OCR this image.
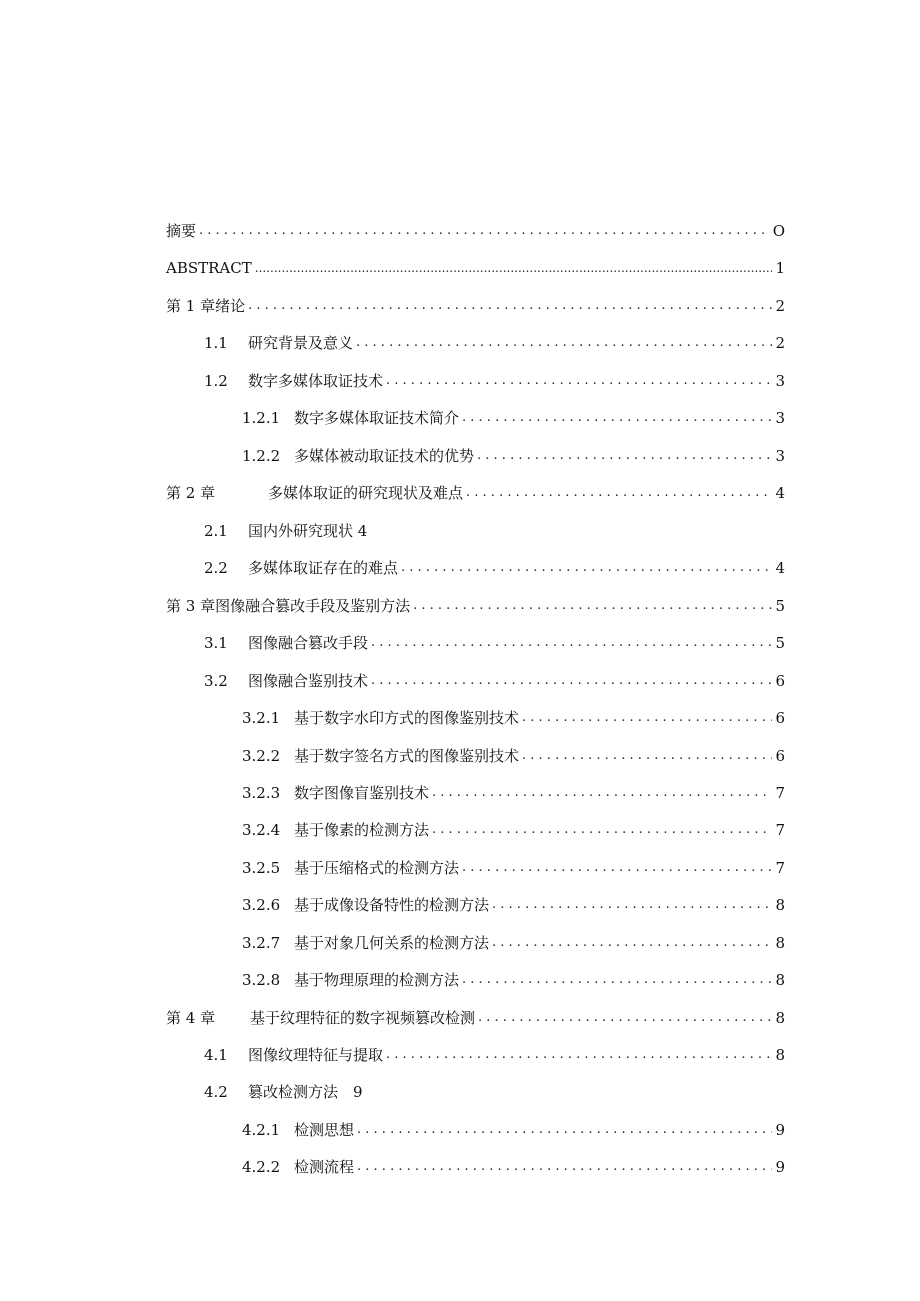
摘要 . . .	O
ABSTRACT .....	1
第 1 章绪论 . . .	2
1.1	研究背景及意义 . . .	2
1.2	数字多媒体取证技术 . . .	3
1.2.1 数字多媒体取证技术简介 . . .	3
1.2.2 多媒体被动取证技术的优势 . . .	3
第 2 章	多媒体取证的研究现状及难点 . . .	4
2.1	国内外研究现状 4
2.2	多媒体取证存在的难点 . . .	4
第 3 章图像融合篡改手段及鉴别方法 . . .	5
3.1	图像融合篡改手段 . . .	5
3.2	图像融合鉴别技术 . . .	6
3.2.1 基于数字水印方式的图像鉴别技术 . . .	6
3.2.2 基于数字签名方式的图像鉴别技术 . . .	6
3.2.3 数字图像盲鉴别技术 . . .	7
3.2.4 基于像素的检测方法 . . .	7
3.2.5 基于压缩格式的检测方法 . . .	7
3.2.6 基于成像设备特性的检测方法 . . .	8
3.2.7 基于对象几何关系的检测方法 . . .	8
3.2.8 基于物理原理的检测方法 . . .	8
第 4 章	基于纹理特征的数字视频篡改检测 . . .	8
4.1	图像纹理特征与提取 . . .	8
4.2	篡改检测方法　9
4.2.1 检测思想 . . .	9
4.2.2 检测流程 . . .	9
